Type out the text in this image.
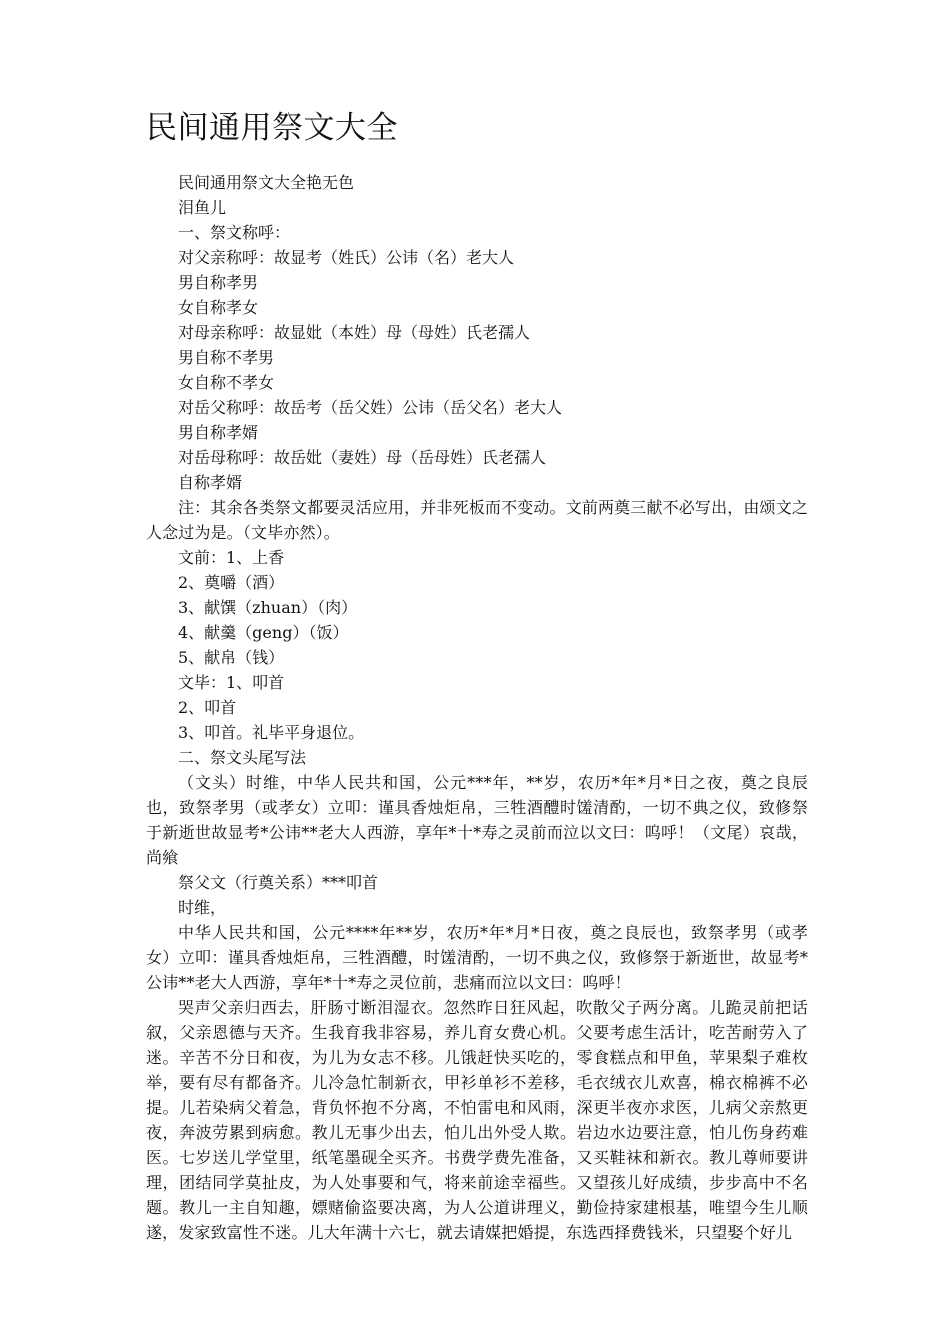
民间通用祭文大全
民间通用祭文大全艳无色
泪鱼儿
一、祭文称呼：
对父亲称呼：故显考（姓氏）公讳（名）老大人
男自称孝男
女自称孝女
对母亲称呼：故显妣（本姓）母（母姓）氏老孺人
男自称不孝男
女自称不孝女
对岳父称呼：故岳考（岳父姓）公讳（岳父名）老大人
男自称孝婿
对岳母称呼：故岳妣（妻姓）母（岳母姓）氏老孺人
自称孝婿
注：其余各类祭文都要灵活应用，并非死板而不变动。文前两奠三献不必写出，由颂文之人念过为是。（文毕亦然）。
文前：1、上香
2、奠嚼（酒）
3、献馔（zhuan）（肉）
4、献羹（geng）（饭）
5、献帛（钱）
文毕：1、叩首
2、叩首
3、叩首。礼毕平身退位。
二、祭文头尾写法
（文头）时维，中华人民共和国，公元***年，**岁，农历*年*月*日之夜，奠之良辰也，致祭孝男（或孝女）立叩：谨具香烛炬帛，三牲酒醴时馐清酌，一切不典之仪，致修祭于新逝世故显考*公讳**老大人西游，享年*十*寿之灵前而泣以文曰：呜呼！（文尾）哀哉，尚飨
祭父文（行奠关系）***叩首
时维，
中华人民共和国，公元****年**岁，农历*年*月*日夜，奠之良辰也，致祭孝男（或孝女）立叩：谨具香烛炬帛，三牲酒醴，时馐清酌，一切不典之仪，致修祭于新逝世，故显考*公讳**老大人西游，享年*十*寿之灵位前，悲痛而泣以文曰：呜呼！
哭声父亲归西去，肝肠寸断泪湿衣。忽然昨日狂风起，吹散父子两分离。儿跪灵前把话叙，父亲恩德与天齐。生我育我非容易，养儿育女费心机。父要考虑生活计，吃苦耐劳入了迷。辛苦不分日和夜，为儿为女志不移。儿饿赶快买吃的，零食糕点和甲鱼，苹果梨子难枚举，要有尽有都备齐。儿冷急忙制新衣，甲衫单衫不差移，毛衣绒衣儿欢喜，棉衣棉裤不必提。儿若染病父着急，背负怀抱不分离，不怕雷电和风雨，深更半夜亦求医，儿病父亲熬更夜，奔波劳累到病愈。教儿无事少出去，怕儿出外受人欺。岩边水边要注意，怕儿伤身药难医。七岁送儿学堂里，纸笔墨砚全买齐。书费学费先准备，又买鞋袜和新衣。教儿尊师要讲理，团结同学莫扯皮，为人处事要和气，将来前途幸福些。又望孩儿好成绩，步步高中不名题。教儿一主自知趣，嫖赌偷盗要决离，为人公道讲理义，勤俭持家建根基，唯望今生儿顺遂，发家致富性不迷。儿大年满十六七，就去请媒把婚提，东选西择费钱米，只望娶个好儿
